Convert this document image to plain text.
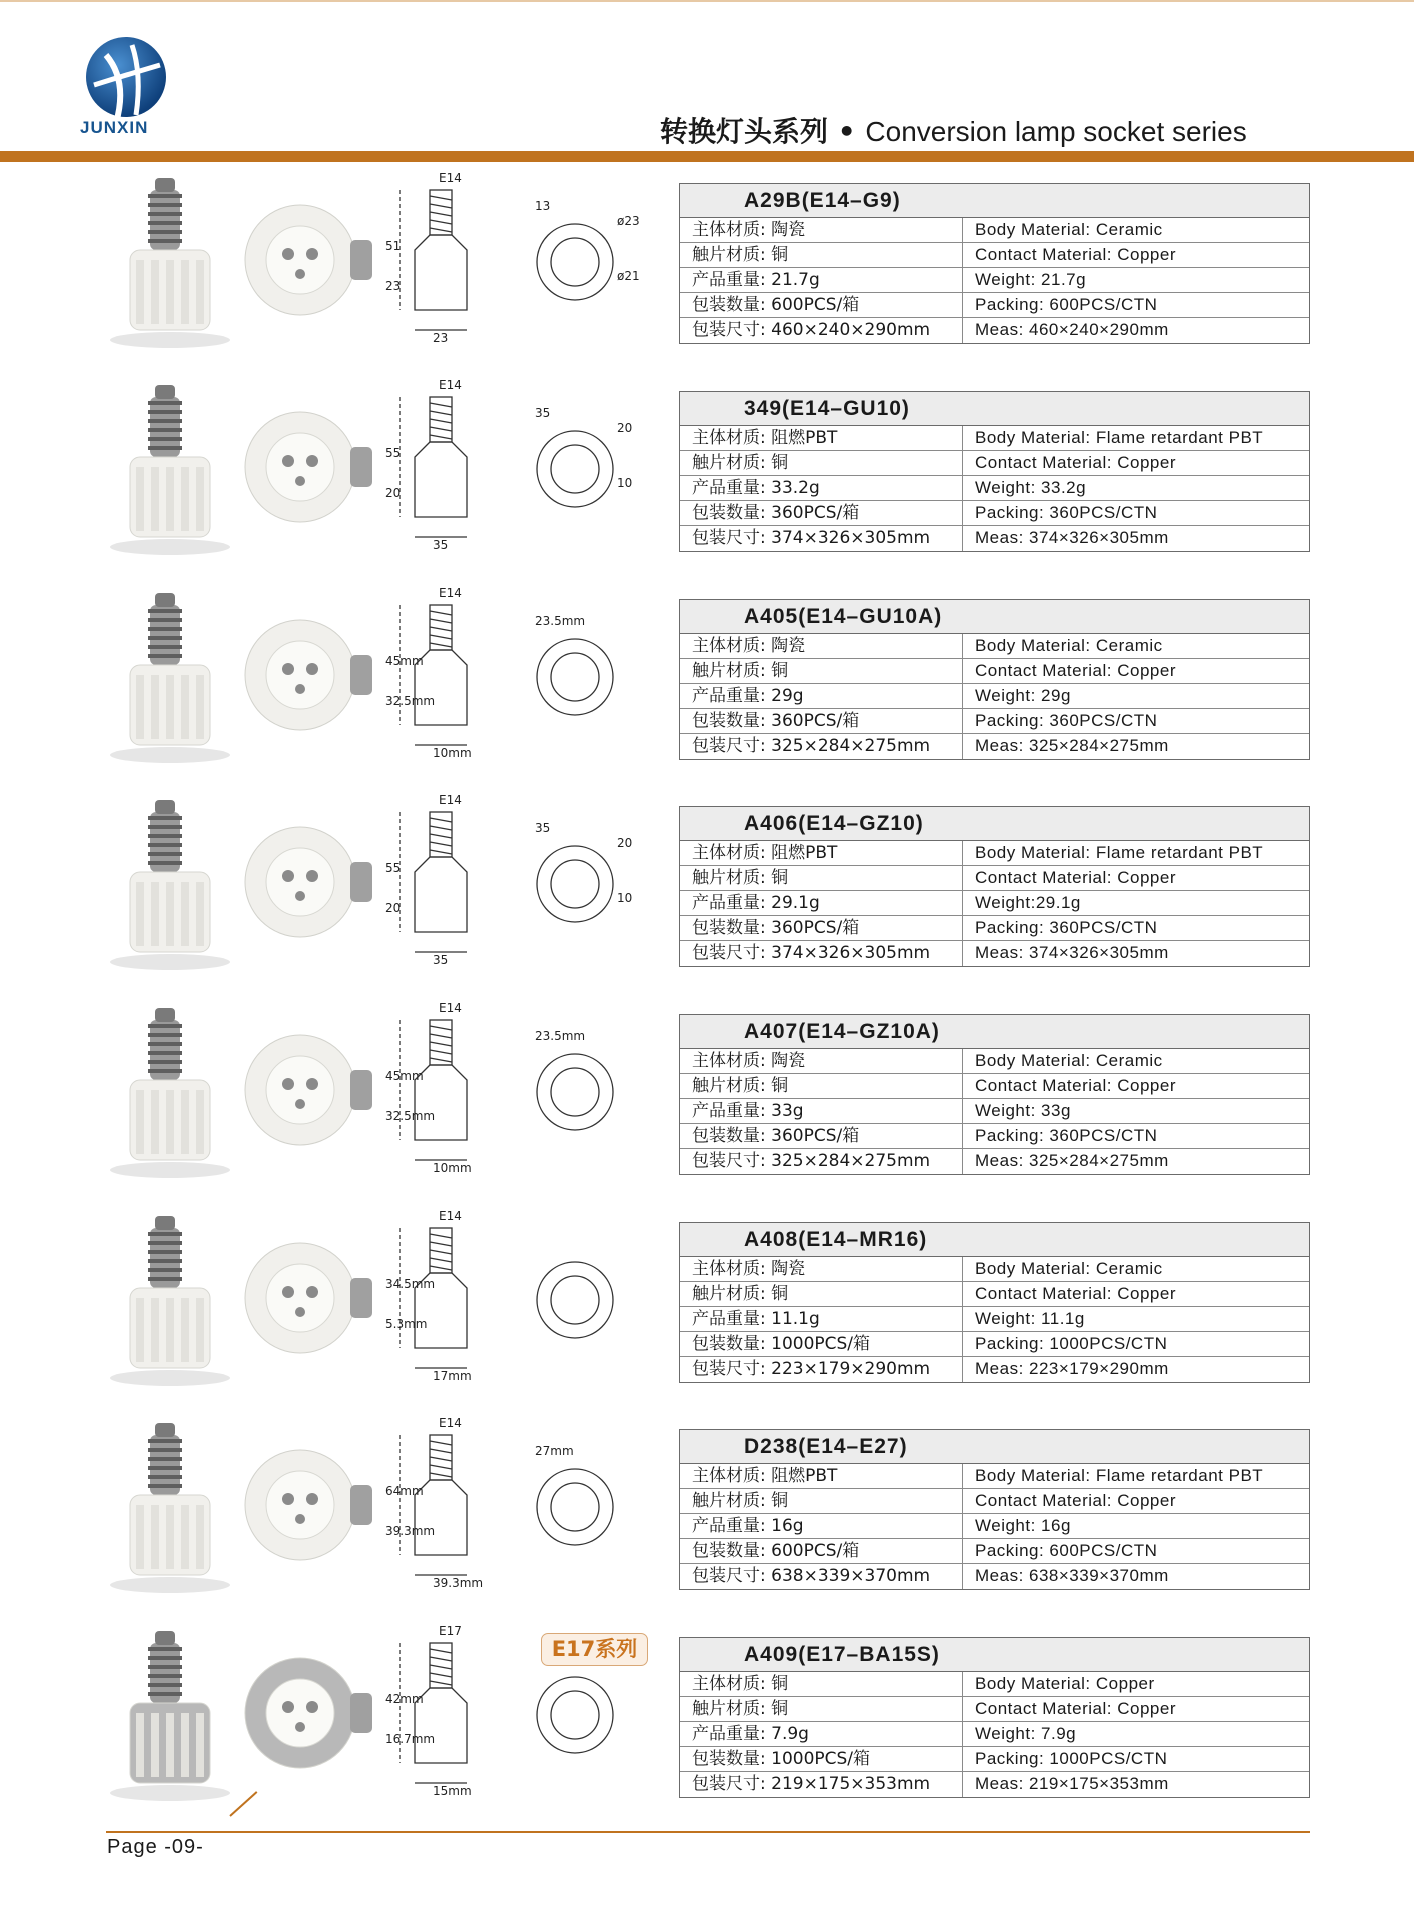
JUNXIN	转换灯头系列 • Conversion lamp socket series
E14
51
23
23
13
ø23
ø21
A29B(E14–G9)
主体材质: 陶瓷	Body Material: Ceramic
触片材质: 铜	Contact Material: Copper
产品重量: 21.7g	Weight: 21.7g
包装数量: 600PCS/箱	Packing: 600PCS/CTN
包装尺寸: 460×240×290mm	Meas: 460×240×290mm
E14
55
20
35
35
20
10
349(E14–GU10)
主体材质: 阻燃PBT	Body Material: Flame retardant PBT
触片材质: 铜	Contact Material: Copper
产品重量: 33.2g	Weight: 33.2g
包装数量: 360PCS/箱	Packing: 360PCS/CTN
包装尺寸: 374×326×305mm	Meas: 374×326×305mm
E14
45mm
32.5mm
10mm
23.5mm	A405(E14–GU10A)
主体材质: 陶瓷	Body Material: Ceramic
触片材质: 铜	Contact Material: Copper
产品重量: 29g	Weight: 29g
包装数量: 360PCS/箱	Packing: 360PCS/CTN
包装尺寸: 325×284×275mm	Meas: 325×284×275mm
E14
55
20
35
35
20
10
A406(E14–GZ10)
主体材质: 阻燃PBT	Body Material: Flame retardant PBT
触片材质: 铜	Contact Material: Copper
产品重量: 29.1g	Weight:29.1g
包装数量: 360PCS/箱	Packing: 360PCS/CTN
包装尺寸: 374×326×305mm	Meas: 374×326×305mm
E14
45mm
32.5mm
10mm
23.5mm	A407(E14–GZ10A)
主体材质: 陶瓷	Body Material: Ceramic
触片材质: 铜	Contact Material: Copper
产品重量: 33g	Weight: 33g
包装数量: 360PCS/箱	Packing: 360PCS/CTN
包装尺寸: 325×284×275mm	Meas: 325×284×275mm
E14
34.5mm
5.3mm
17mm
A408(E14–MR16)
主体材质: 陶瓷	Body Material: Ceramic
触片材质: 铜	Contact Material: Copper
产品重量: 11.1g	Weight: 11.1g
包装数量: 1000PCS/箱	Packing: 1000PCS/CTN
包装尺寸: 223×179×290mm	Meas: 223×179×290mm
E14
64mm
39.3mm
39.3mm
27mm	D238(E14–E27)
主体材质: 阻燃PBT	Body Material: Flame retardant PBT
触片材质: 铜	Contact Material: Copper
产品重量: 16g	Weight: 16g
包装数量: 600PCS/箱	Packing: 600PCS/CTN
包装尺寸: 638×339×370mm	Meas: 638×339×370mm
E17
42mm
16.7mm
15mm
A409(E17–BA15S)
主体材质: 铜	Body Material: Copper
触片材质: 铜	Contact Material: Copper
产品重量: 7.9g	Weight: 7.9g
包装数量: 1000PCS/箱	Packing: 1000PCS/CTN
包装尺寸: 219×175×353mm	Meas: 219×175×353mm
E17系列
Page -09-
